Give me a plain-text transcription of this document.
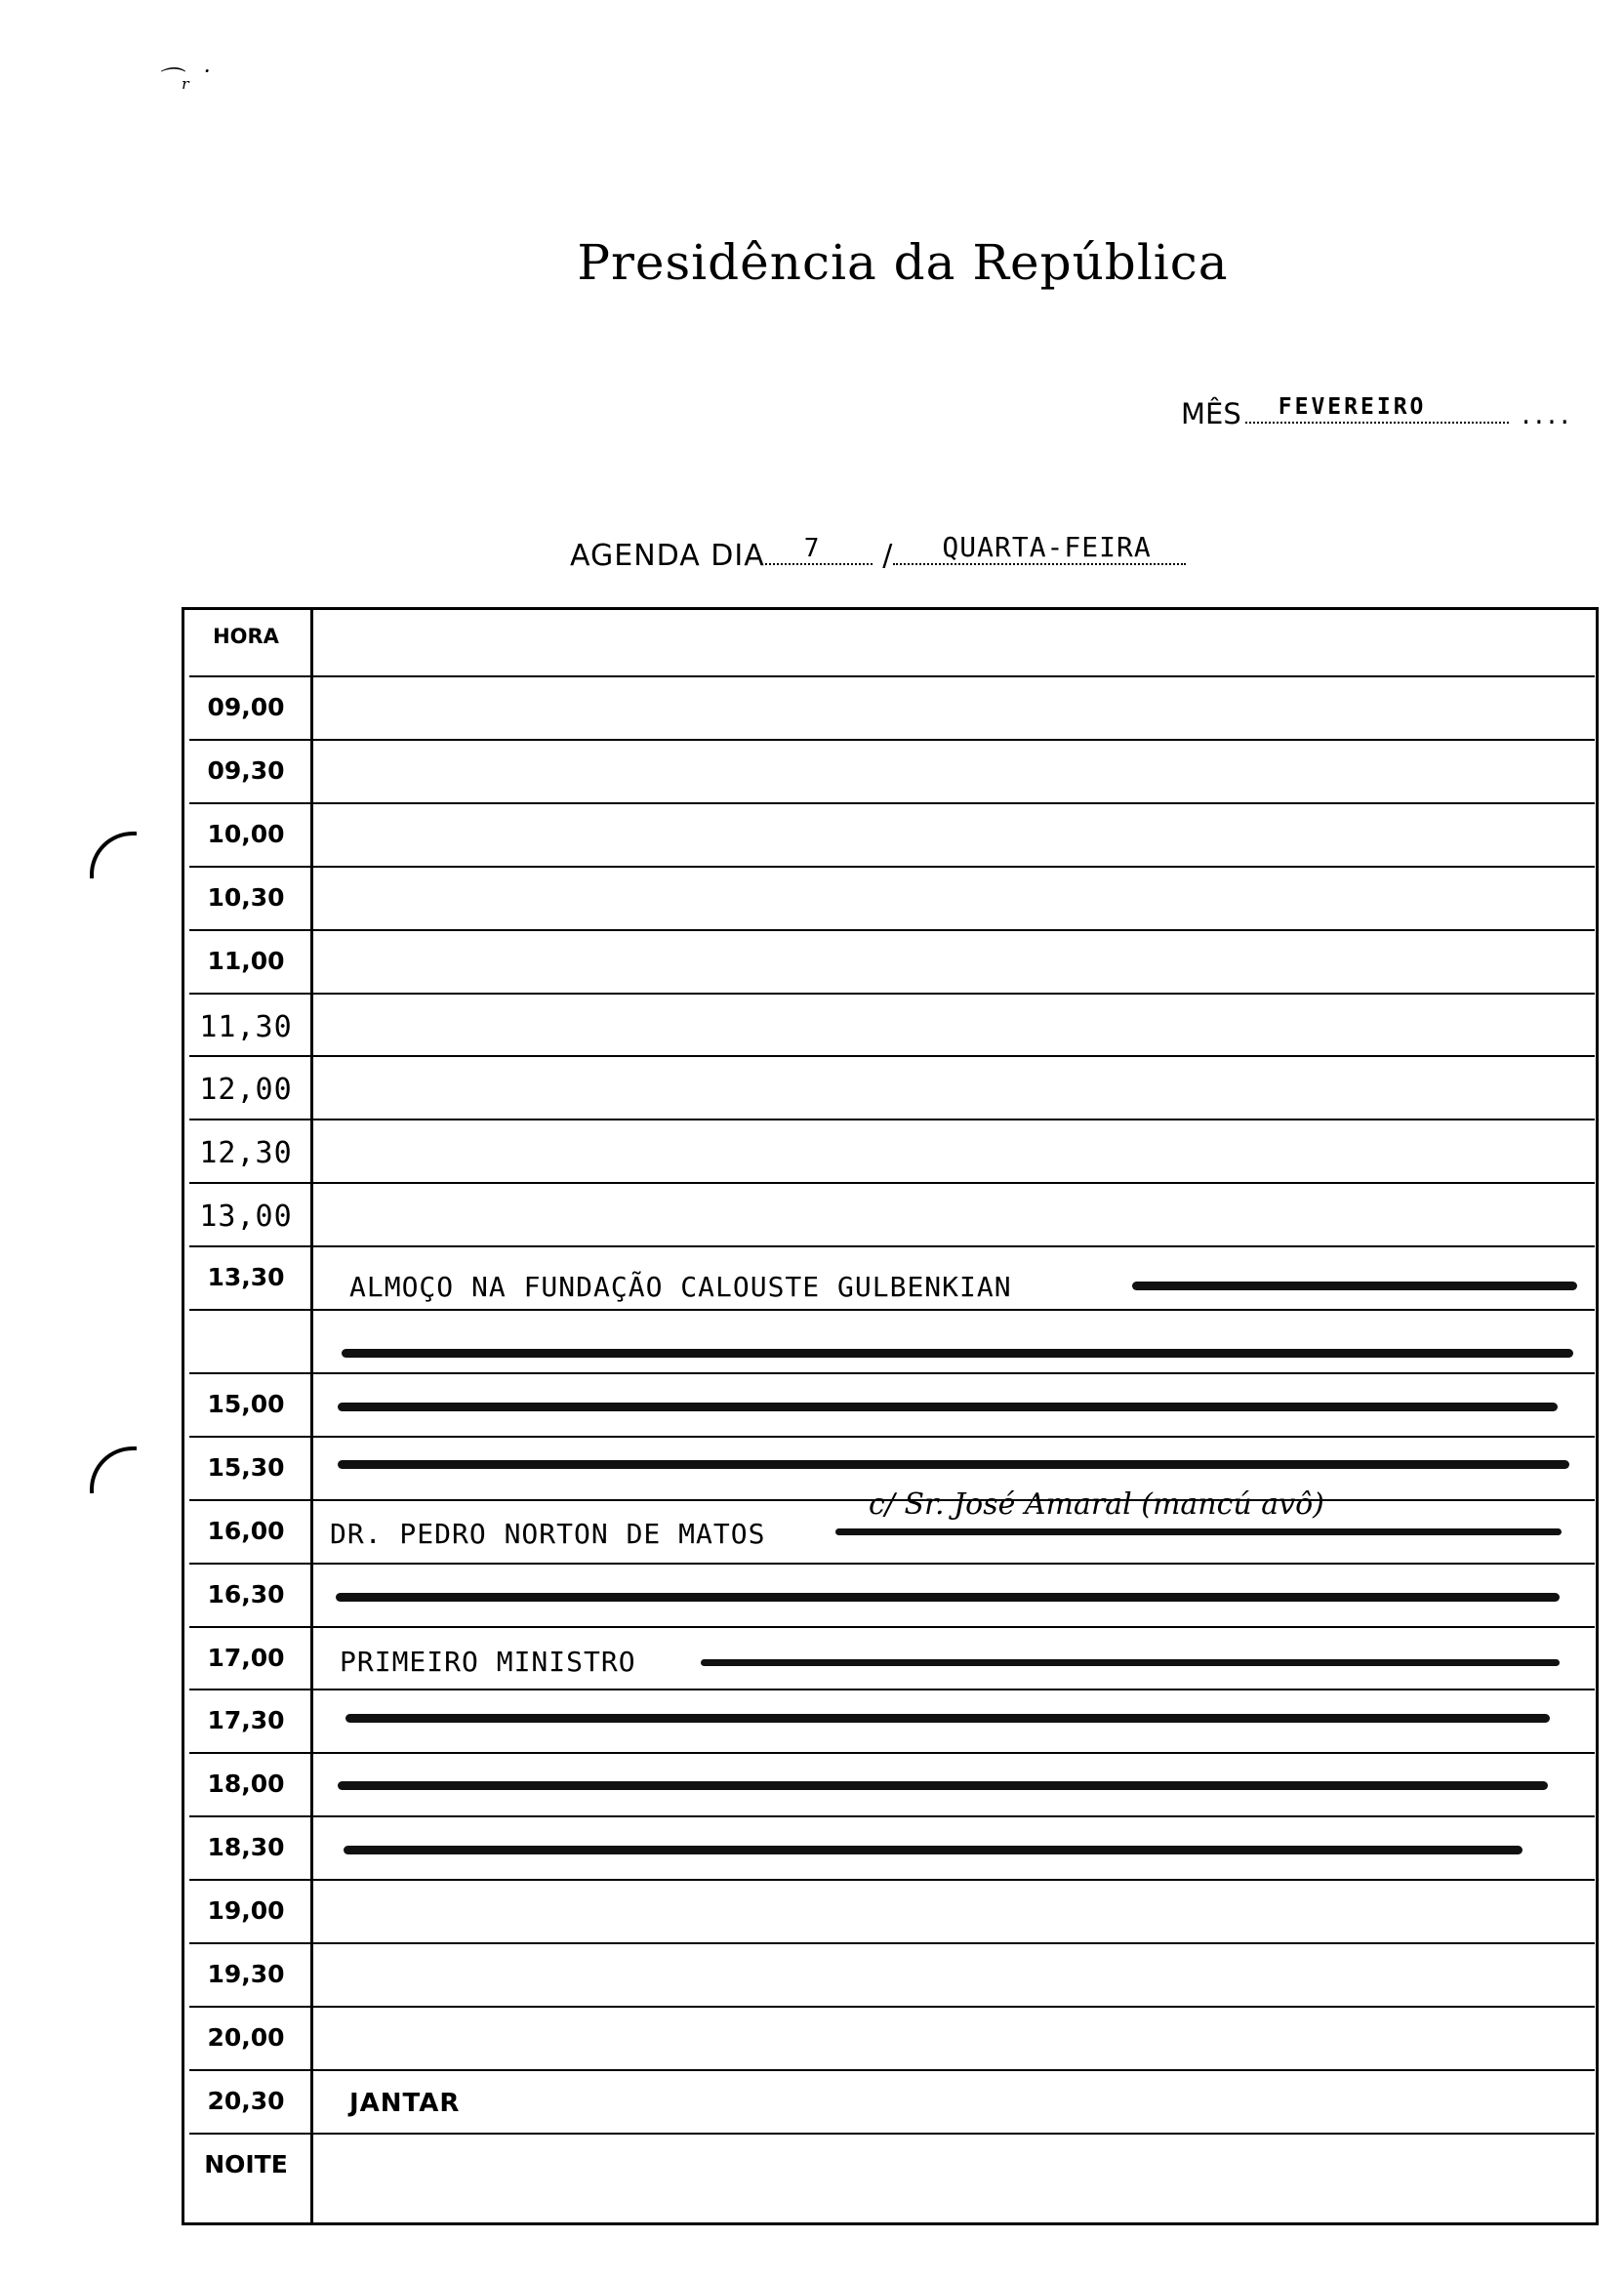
⌒ᵣ ˙
Presidência da República
MÊS FEVEREIRO	....
AGENDA DIA 7 / QUARTA-FEIRA
HORA
09,00
09,30
10,00
10,30
11,00
11,30
12,00
12,30
13,00
13,30
15,00
15,30
16,00
16,30
17,00
17,30
18,00
18,30
19,00
19,30
20,00
20,30
NOITE
ALMOÇO NA FUNDAÇÃO CALOUSTE GULBENKIAN
DR. PEDRO NORTON DE MATOS
c/ Sr. José Amaral (mancú avô)
PRIMEIRO MINISTRO
JANTAR
